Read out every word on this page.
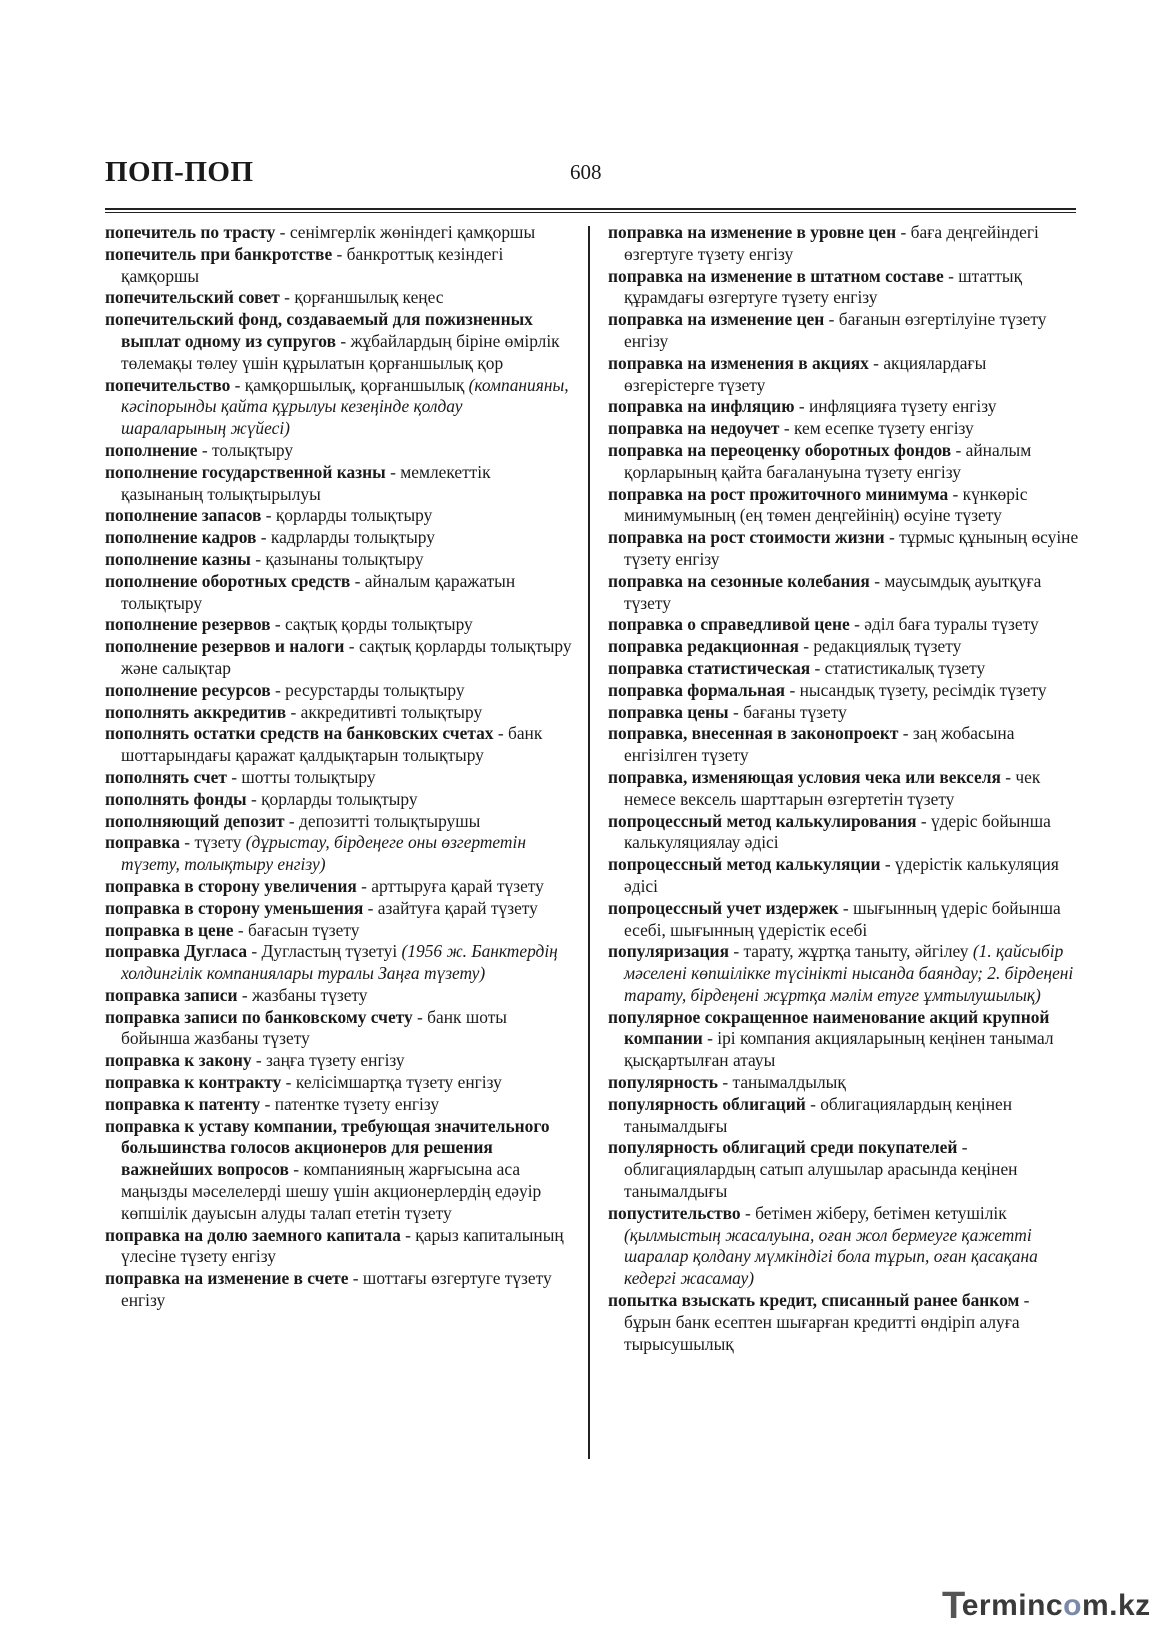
ПОП-ПОП	608
попечитель по трасту - сенімгерлік жөніндегі қамқоршы
попечитель при банкротстве - банкроттық кезіндегі қамқоршы
попечительский совет - қорғаншылық кеңес
попечительский фонд, создаваемый для пожизненных выплат одному из супругов - жұбайлардың біріне өмірлік төлемақы төлеу үшін құрылатын қорғаншылық қор
попечительство - қамқоршылық, қорғаншылық (компанияны, кәсіпорынды қайта құрылуы кезеңінде қолдау шараларының жүйесі)
пополнение - толықтыру
пополнение государственной казны - мемлекеттік қазынаның толықтырылуы
пополнение запасов - қорларды толықтыру
пополнение кадров - кадрларды толықтыру
пополнение казны - қазынаны толықтыру
пополнение оборотных средств - айналым қаражатын толықтыру
пополнение резервов - сақтық қорды толықтыру
пополнение резервов и налоги - сақтық қорларды толықтыру және салықтар
пополнение ресурсов - ресурстарды толықтыру
пополнять аккредитив - аккредитивті толықтыру
пополнять остатки средств на банковских счетах - банк шоттарындағы қаражат қалдықтарын толықтыру
пополнять счет - шотты толықтыру
пополнять фонды - қорларды толықтыру
пополняющий депозит - депозитті толықтырушы
поправка - түзету (дұрыстау, бірдеңеге оны өзгертетін түзету, толықтыру енгізу)
поправка в сторону увеличения - арттыруға қарай түзету
поправка в сторону уменьшения - азайтуға қарай түзету
поправка в цене - бағасын түзету
поправка Дугласа - Дугластың түзетуі (1956 ж. Банктердің холдингілік компаниялары туралы Заңға түзету)
поправка записи - жазбаны түзету
поправка записи по банковскому счету - банк шоты бойынша жазбаны түзету
поправка к закону - заңға түзету енгізу
поправка к контракту - келісімшартқа түзету енгізу
поправка к патенту - патентке түзету енгізу
поправка к уставу компании, требующая значительного большинства голосов акционеров для решения важнейших вопросов - компанияның жарғысына аса маңызды мәселелерді шешу үшін акционерлердің едәуір көпшілік дауысын алуды талап ететін түзету
поправка на долю заемного капитала - қарыз капиталының үлесіне түзету енгізу
поправка на изменение в счете - шоттағы өзгертуге түзету енгізу
поправка на изменение в уровне цен - баға деңгейіндегі өзгертуге түзету енгізу
поправка на изменение в штатном составе - штаттық құрамдағы өзгертуге түзету енгізу
поправка на изменение цен - бағанын өзгертілуіне түзету енгізу
поправка на изменения в акциях - акциялардағы өзгерістерге түзету
поправка на инфляцию - инфляцияға түзету енгізу
поправка на недоучет - кем есепке түзету енгізу
поправка на переоценку оборотных фондов - айналым қорларының қайта бағалануына түзету енгізу
поправка на рост прожиточного минимума - күнкөріс минимумының (ең төмен деңгейінің) өсуіне түзету
поправка на рост стоимости жизни - тұрмыс құнының өсуіне түзету енгізу
поправка на сезонные колебания - маусымдық ауытқуға түзету
поправка о справедливой цене - әділ баға туралы түзету
поправка редакционная - редакциялық түзету
поправка статистическая - статистикалық түзету
поправка формальная - нысандық түзету, ресімдік түзету
поправка цены - бағаны түзету
поправка, внесенная в законопроект - заң жобасына енгізілген түзету
поправка, изменяющая условия чека или векселя - чек немесе вексель шарттарын өзгертетін түзету
попроцессный метод калькулирования - үдеріс бойынша калькуляциялау әдісі
попроцессный метод калькуляции - үдерістік калькуляция әдісі
попроцессный учет издержек - шығынның үдеріс бойынша есебі, шығынның үдерістік есебі
популяризация - тарату, жұртқа таныту, әйгілеу (1. қайсыбір мәселені көпшілікке түсінікті нысанда баяндау; 2. бірдеңені тарату, бірдеңені жұртқа мәлім етуге ұмтылушылық)
популярное сокращенное наименование акций крупной компании - ірі компания акцияларының кеңінен танымал қысқартылған атауы
популярность - танымалдылық
популярность облигаций - облигациялардың кеңінен танымалдығы
популярность облигаций среди покупателей - облигациялардың сатып алушылар арасында кеңінен танымалдығы
попустительство - бетімен жіберу, бетімен кетушілік (қылмыстың жасалуына, оған жол бермеуге қажетті шаралар қолдану мүмкіндігі бола тұрып, оған қасақана кедергі жасамау)
попытка взыскать кредит, списанный ранее банком - бұрын банк есептен шығарған кредитті өндіріп алуға тырысушылық
Termincom.kz
